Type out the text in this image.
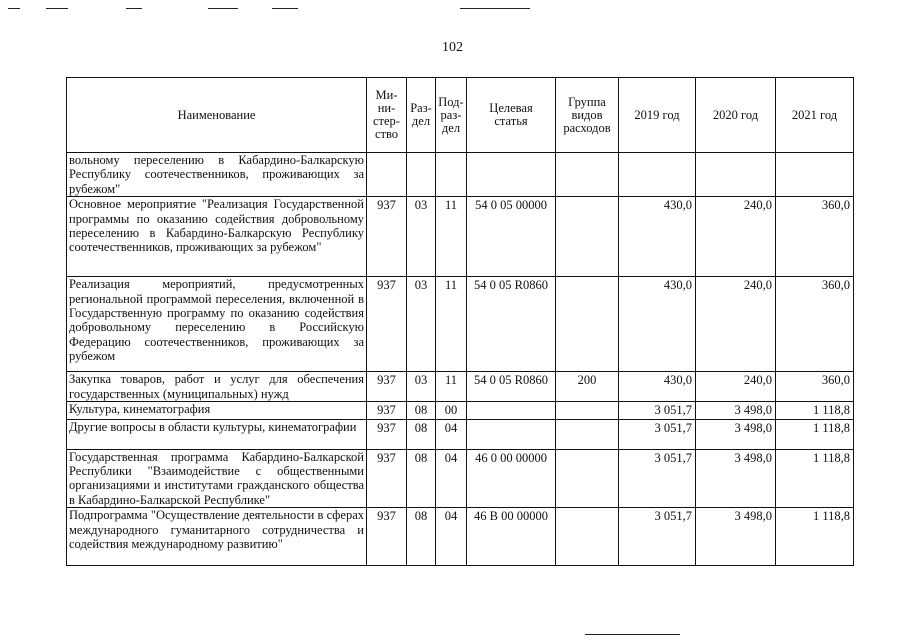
102
Наименование	Ми-
ни-
стер-
ство	Раз-
дел	Под-
раз-
дел	Целевая
статья	Группа
видов
расходов	2019 год	2020 год	2021 год
вольному переселению в Кабардино-Балкарскую Республику соотечественников, проживающих за рубежом"								
Основное мероприятие "Реализация Государственной программы по оказанию содействия добровольному переселению в Кабардино-Балкарскую Республику соотечественников, проживающих за рубежом"	937	03	11	54 0 05 00000		430,0	240,0	360,0
Реализация мероприятий, предусмотренных региональной программой переселения, включенной в Государственную программу по оказанию содействия добровольному переселению в Российскую Федерацию соотечественников, проживающих за рубежом	937	03	11	54 0 05 R0860		430,0	240,0	360,0
Закупка товаров, работ и услуг для обеспечения государственных (муниципальных) нужд	937	03	11	54 0 05 R0860	200	430,0	240,0	360,0
Культура, кинематография	937	08	00			3 051,7	3 498,0	1 118,8
Другие вопросы в области культуры, кинематографии	937	08	04			3 051,7	3 498,0	1 118,8
Государственная программа Кабардино-Балкарской Республики "Взаимодействие с общественными организациями и институтами гражданского общества в Кабардино-Балкарской Республике"	937	08	04	46 0 00 00000		3 051,7	3 498,0	1 118,8
Подпрограмма "Осуществление деятельности в сферах международного гуманитарного сотрудничества и содействия международному развитию"	937	08	04	46 В 00 00000		3 051,7	3 498,0	1 118,8
